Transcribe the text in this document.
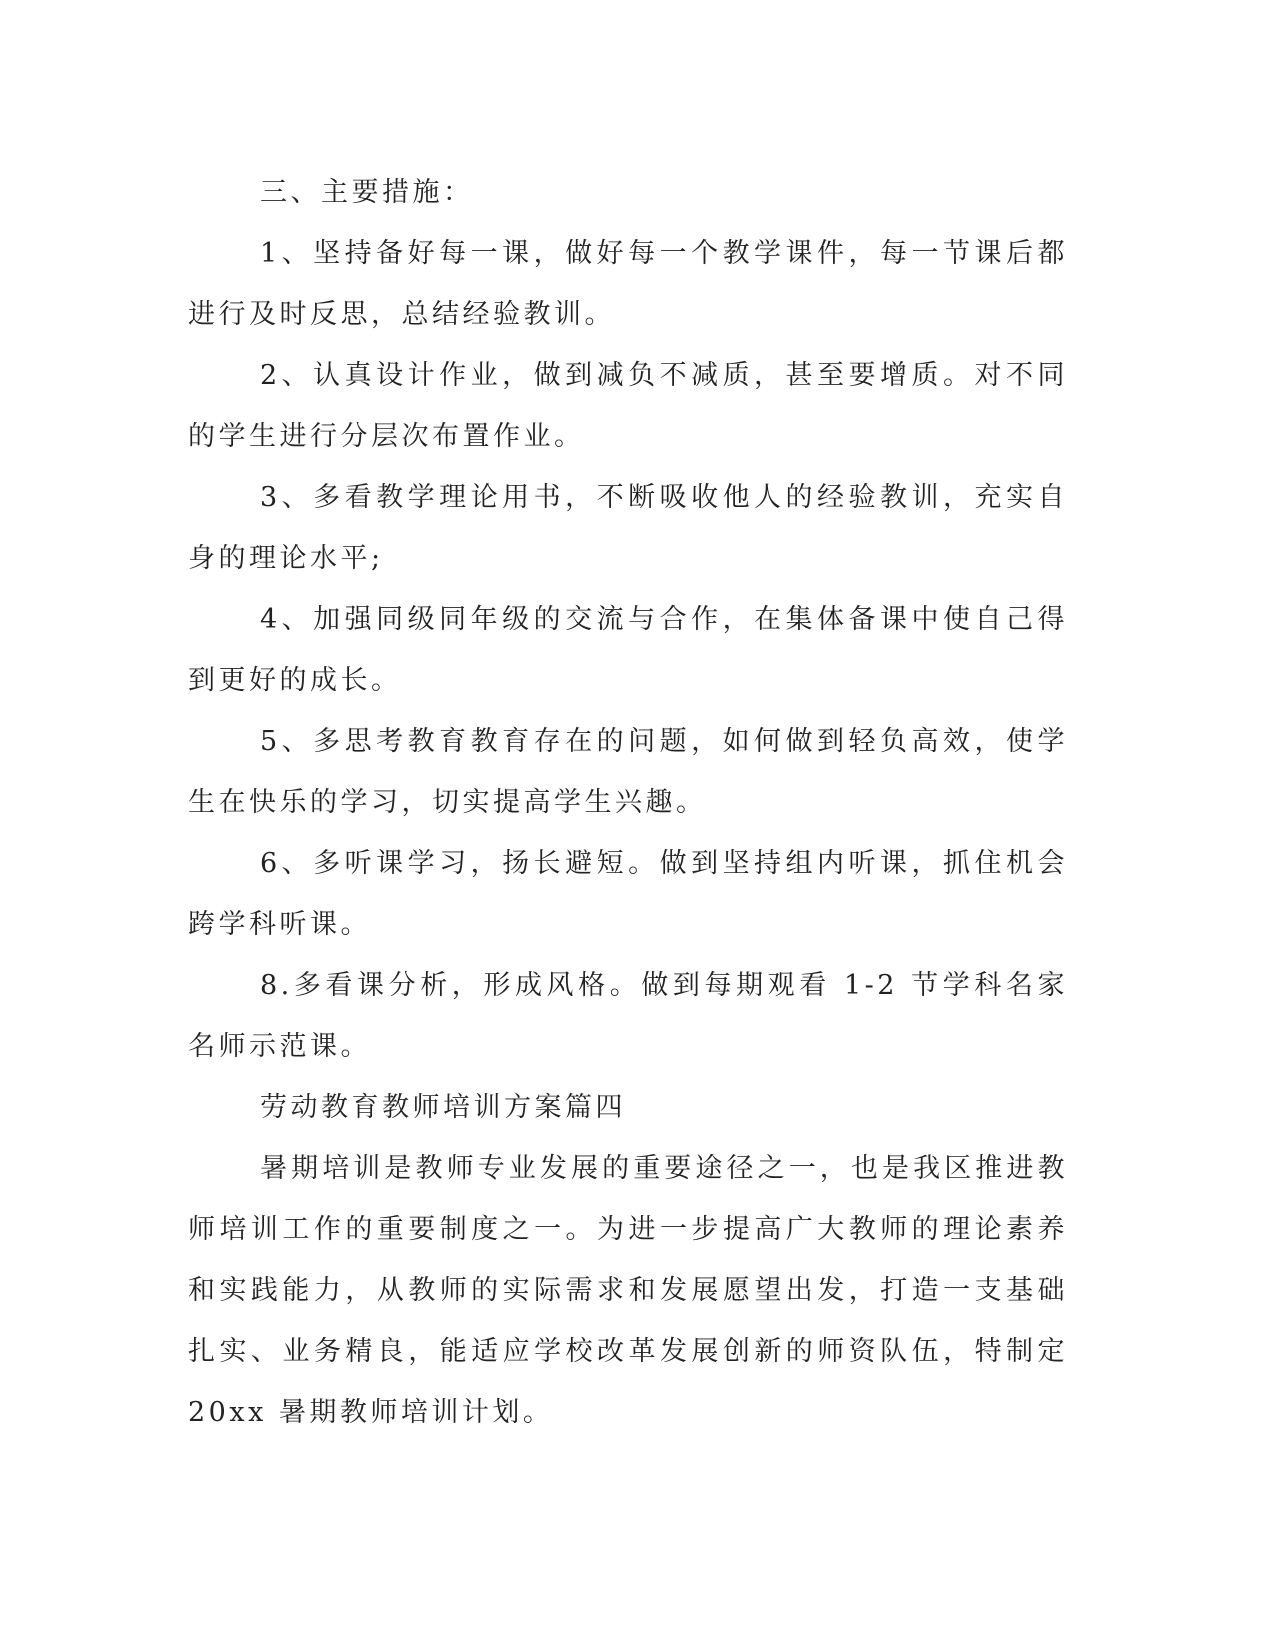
三、主要措施：

1、坚持备好每一课，做好每一个教学课件，每一节课后都进行及时反思，总结经验教训。

2、认真设计作业，做到减负不减质，甚至要增质。对不同的学生进行分层次布置作业。

3、多看教学理论用书，不断吸收他人的经验教训，充实自身的理论水平;

4、加强同级同年级的交流与合作，在集体备课中使自己得到更好的成长。

5、多思考教育教育存在的问题，如何做到轻负高效，使学生在快乐的学习，切实提高学生兴趣。

6、多听课学习，扬长避短。做到坚持组内听课，抓住机会跨学科听课。

8.多看课分析，形成风格。做到每期观看 1-2 节学科名家名师示范课。

劳动教育教师培训方案篇四

暑期培训是教师专业发展的重要途径之一，也是我区推进教师培训工作的重要制度之一。为进一步提高广大教师的理论素养和实践能力，从教师的实际需求和发展愿望出发，打造一支基础扎实、业务精良，能适应学校改革发展创新的师资队伍，特制定 20xx 暑期教师培训计划。
